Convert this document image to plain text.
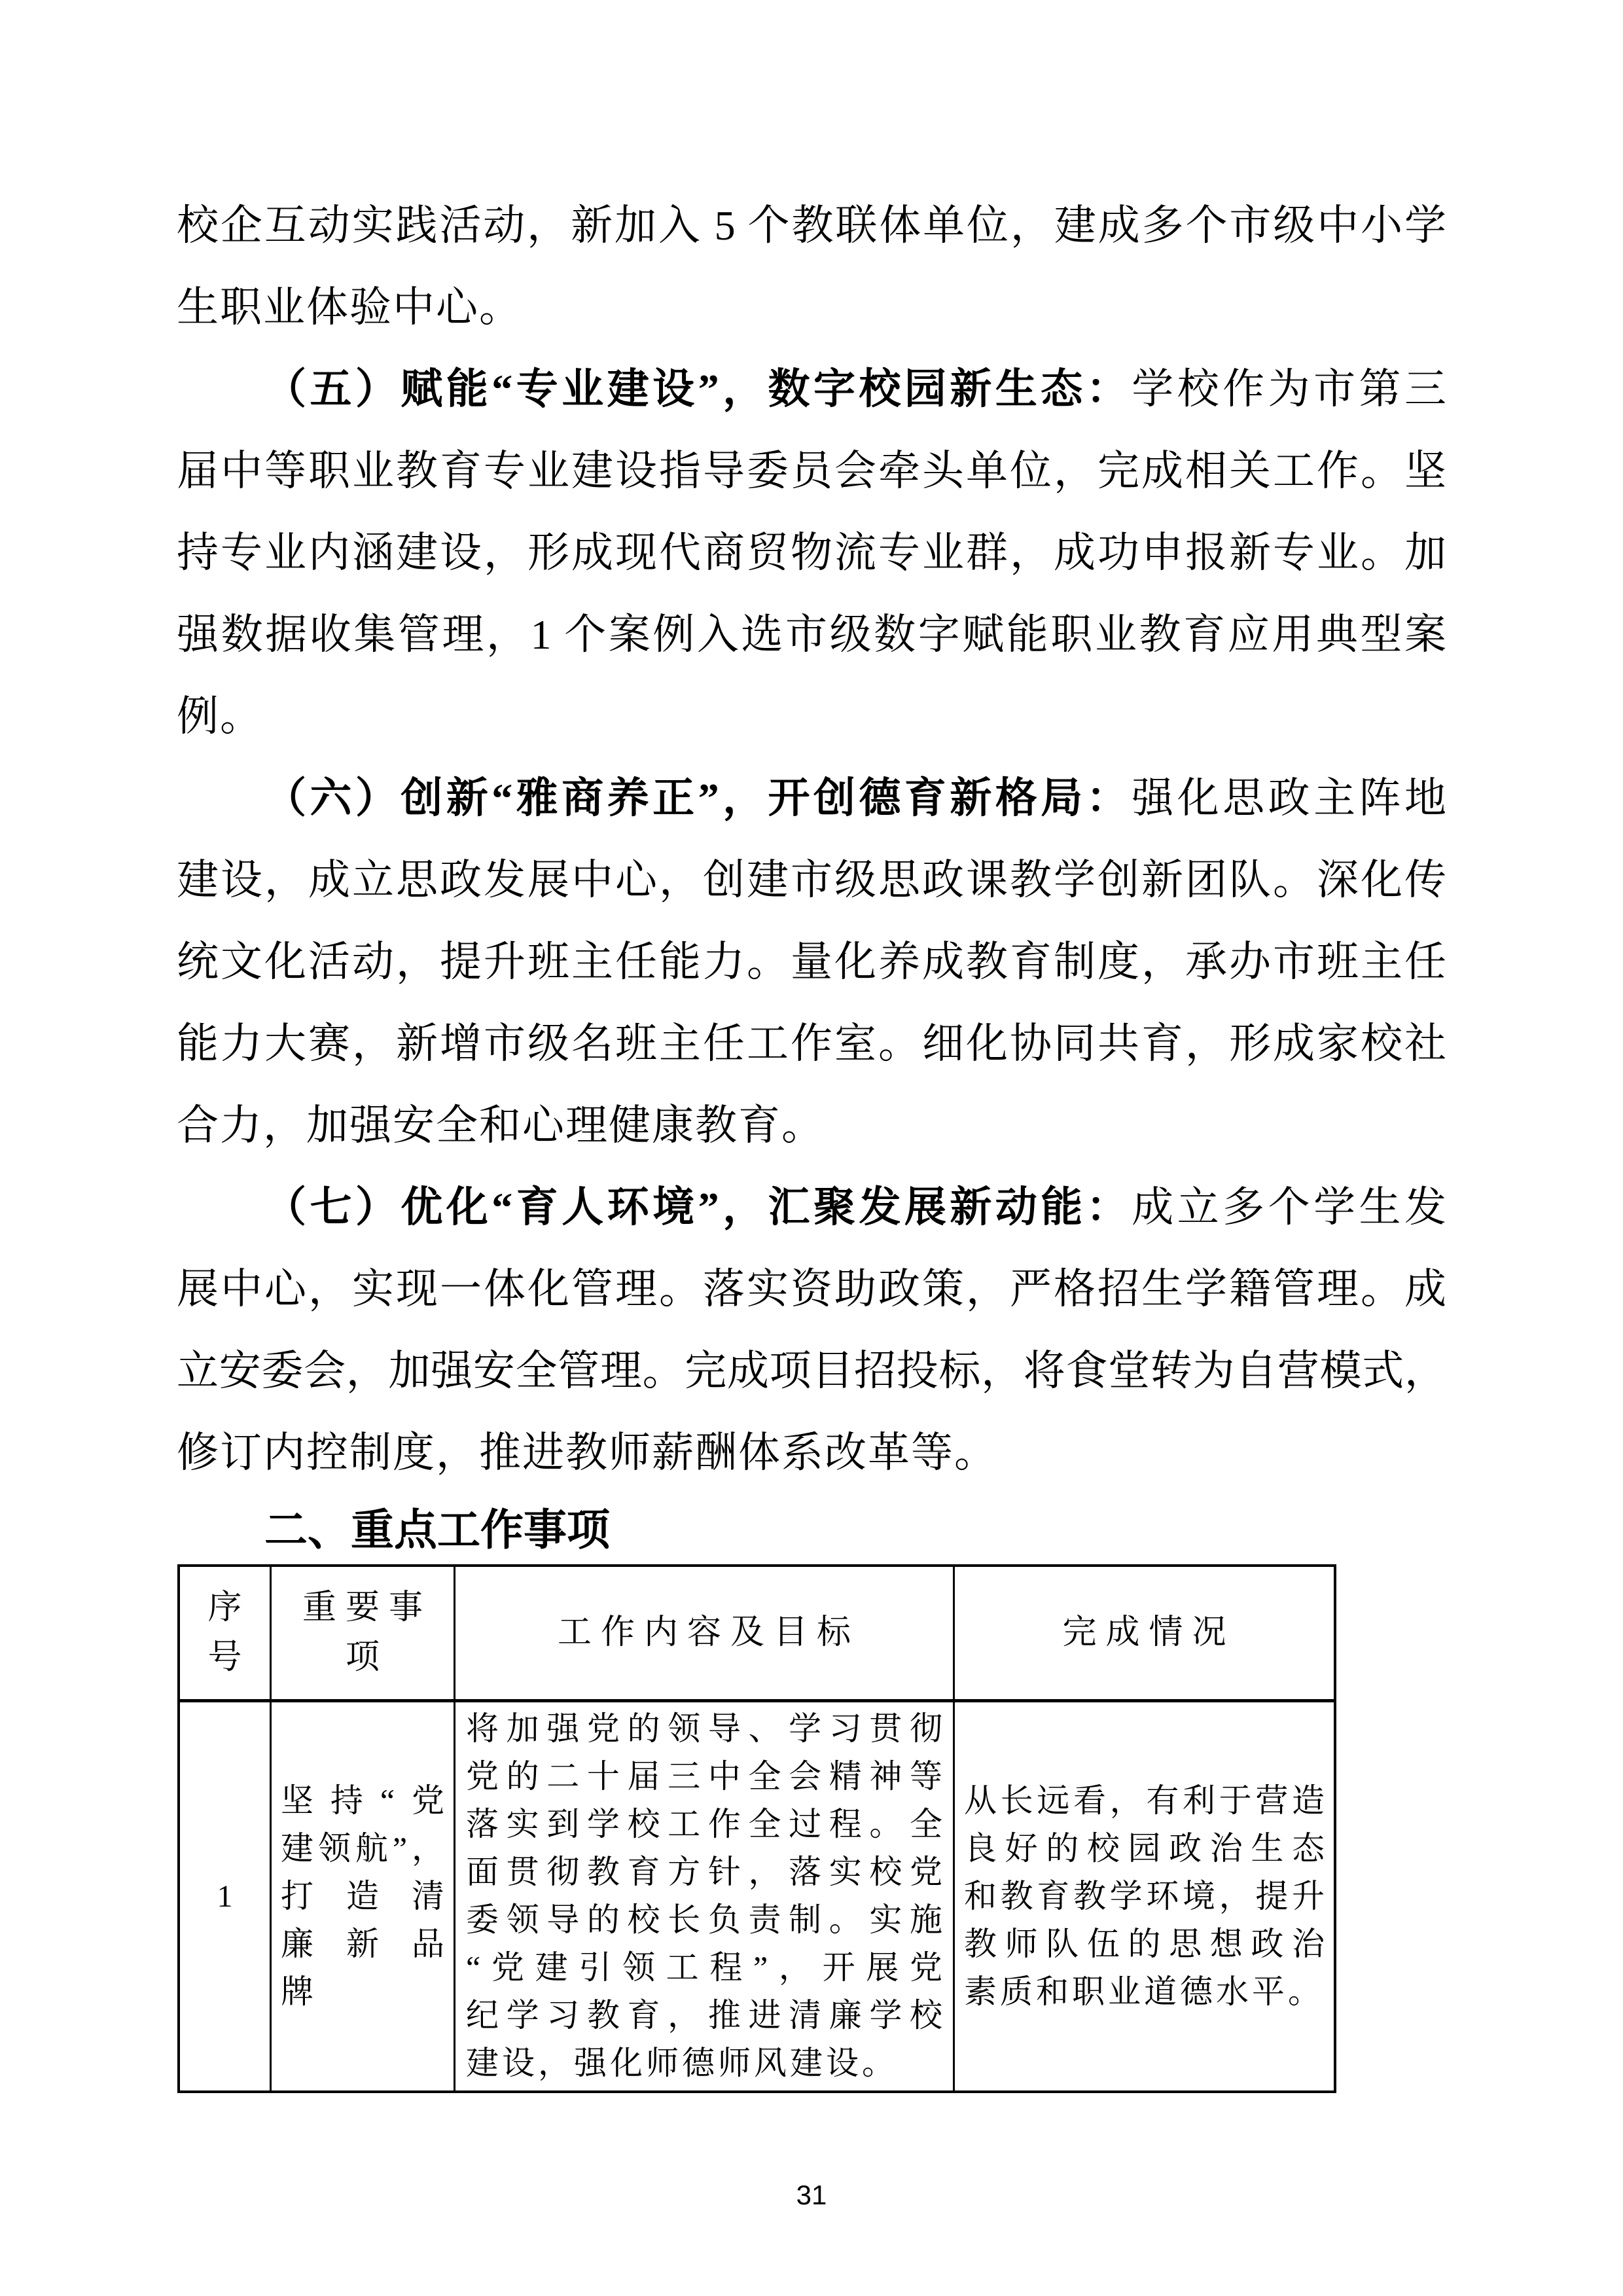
校企互动实践活动，新加入 5 个教联体单位，建成多个市级中小学
生职业体验中心。
（五）赋能“专业建设”，数字校园新生态：学校作为市第三
届中等职业教育专业建设指导委员会牵头单位，完成相关工作。坚
持专业内涵建设，形成现代商贸物流专业群，成功申报新专业。加
强数据收集管理，1 个案例入选市级数字赋能职业教育应用典型案
例。
（六）创新“雅商养正”，开创德育新格局：强化思政主阵地
建设，成立思政发展中心，创建市级思政课教学创新团队。深化传
统文化活动，提升班主任能力。量化养成教育制度，承办市班主任
能力大赛，新增市级名班主任工作室。细化协同共育，形成家校社
合力，加强安全和心理健康教育。
（七）优化“育人环境”，汇聚发展新动能：成立多个学生发
展中心，实现一体化管理。落实资助政策，严格招生学籍管理。成
立安委会，加强安全管理。完成项目招投标，将食堂转为自营模式，
修订内控制度，推进教师薪酬体系改革等。
二、重点工作事项
序
号
重要事
项
工作内容及目标	完成情况
1
坚持“党
建领航”，
打造清
廉新品
牌
将加强党的领导、学习贯彻
党的二十届三中全会精神等
落实到学校工作全过程。全
面贯彻教育方针，落实校党
委领导的校长负责制。实施
“党建引领工程”，开展党
纪学习教育，推进清廉学校
建设，强化师德师风建设。
从长远看，有利于营造
良好的校园政治生态
和教育教学环境，提升
教师队伍的思想政治
素质和职业道德水平。
31
